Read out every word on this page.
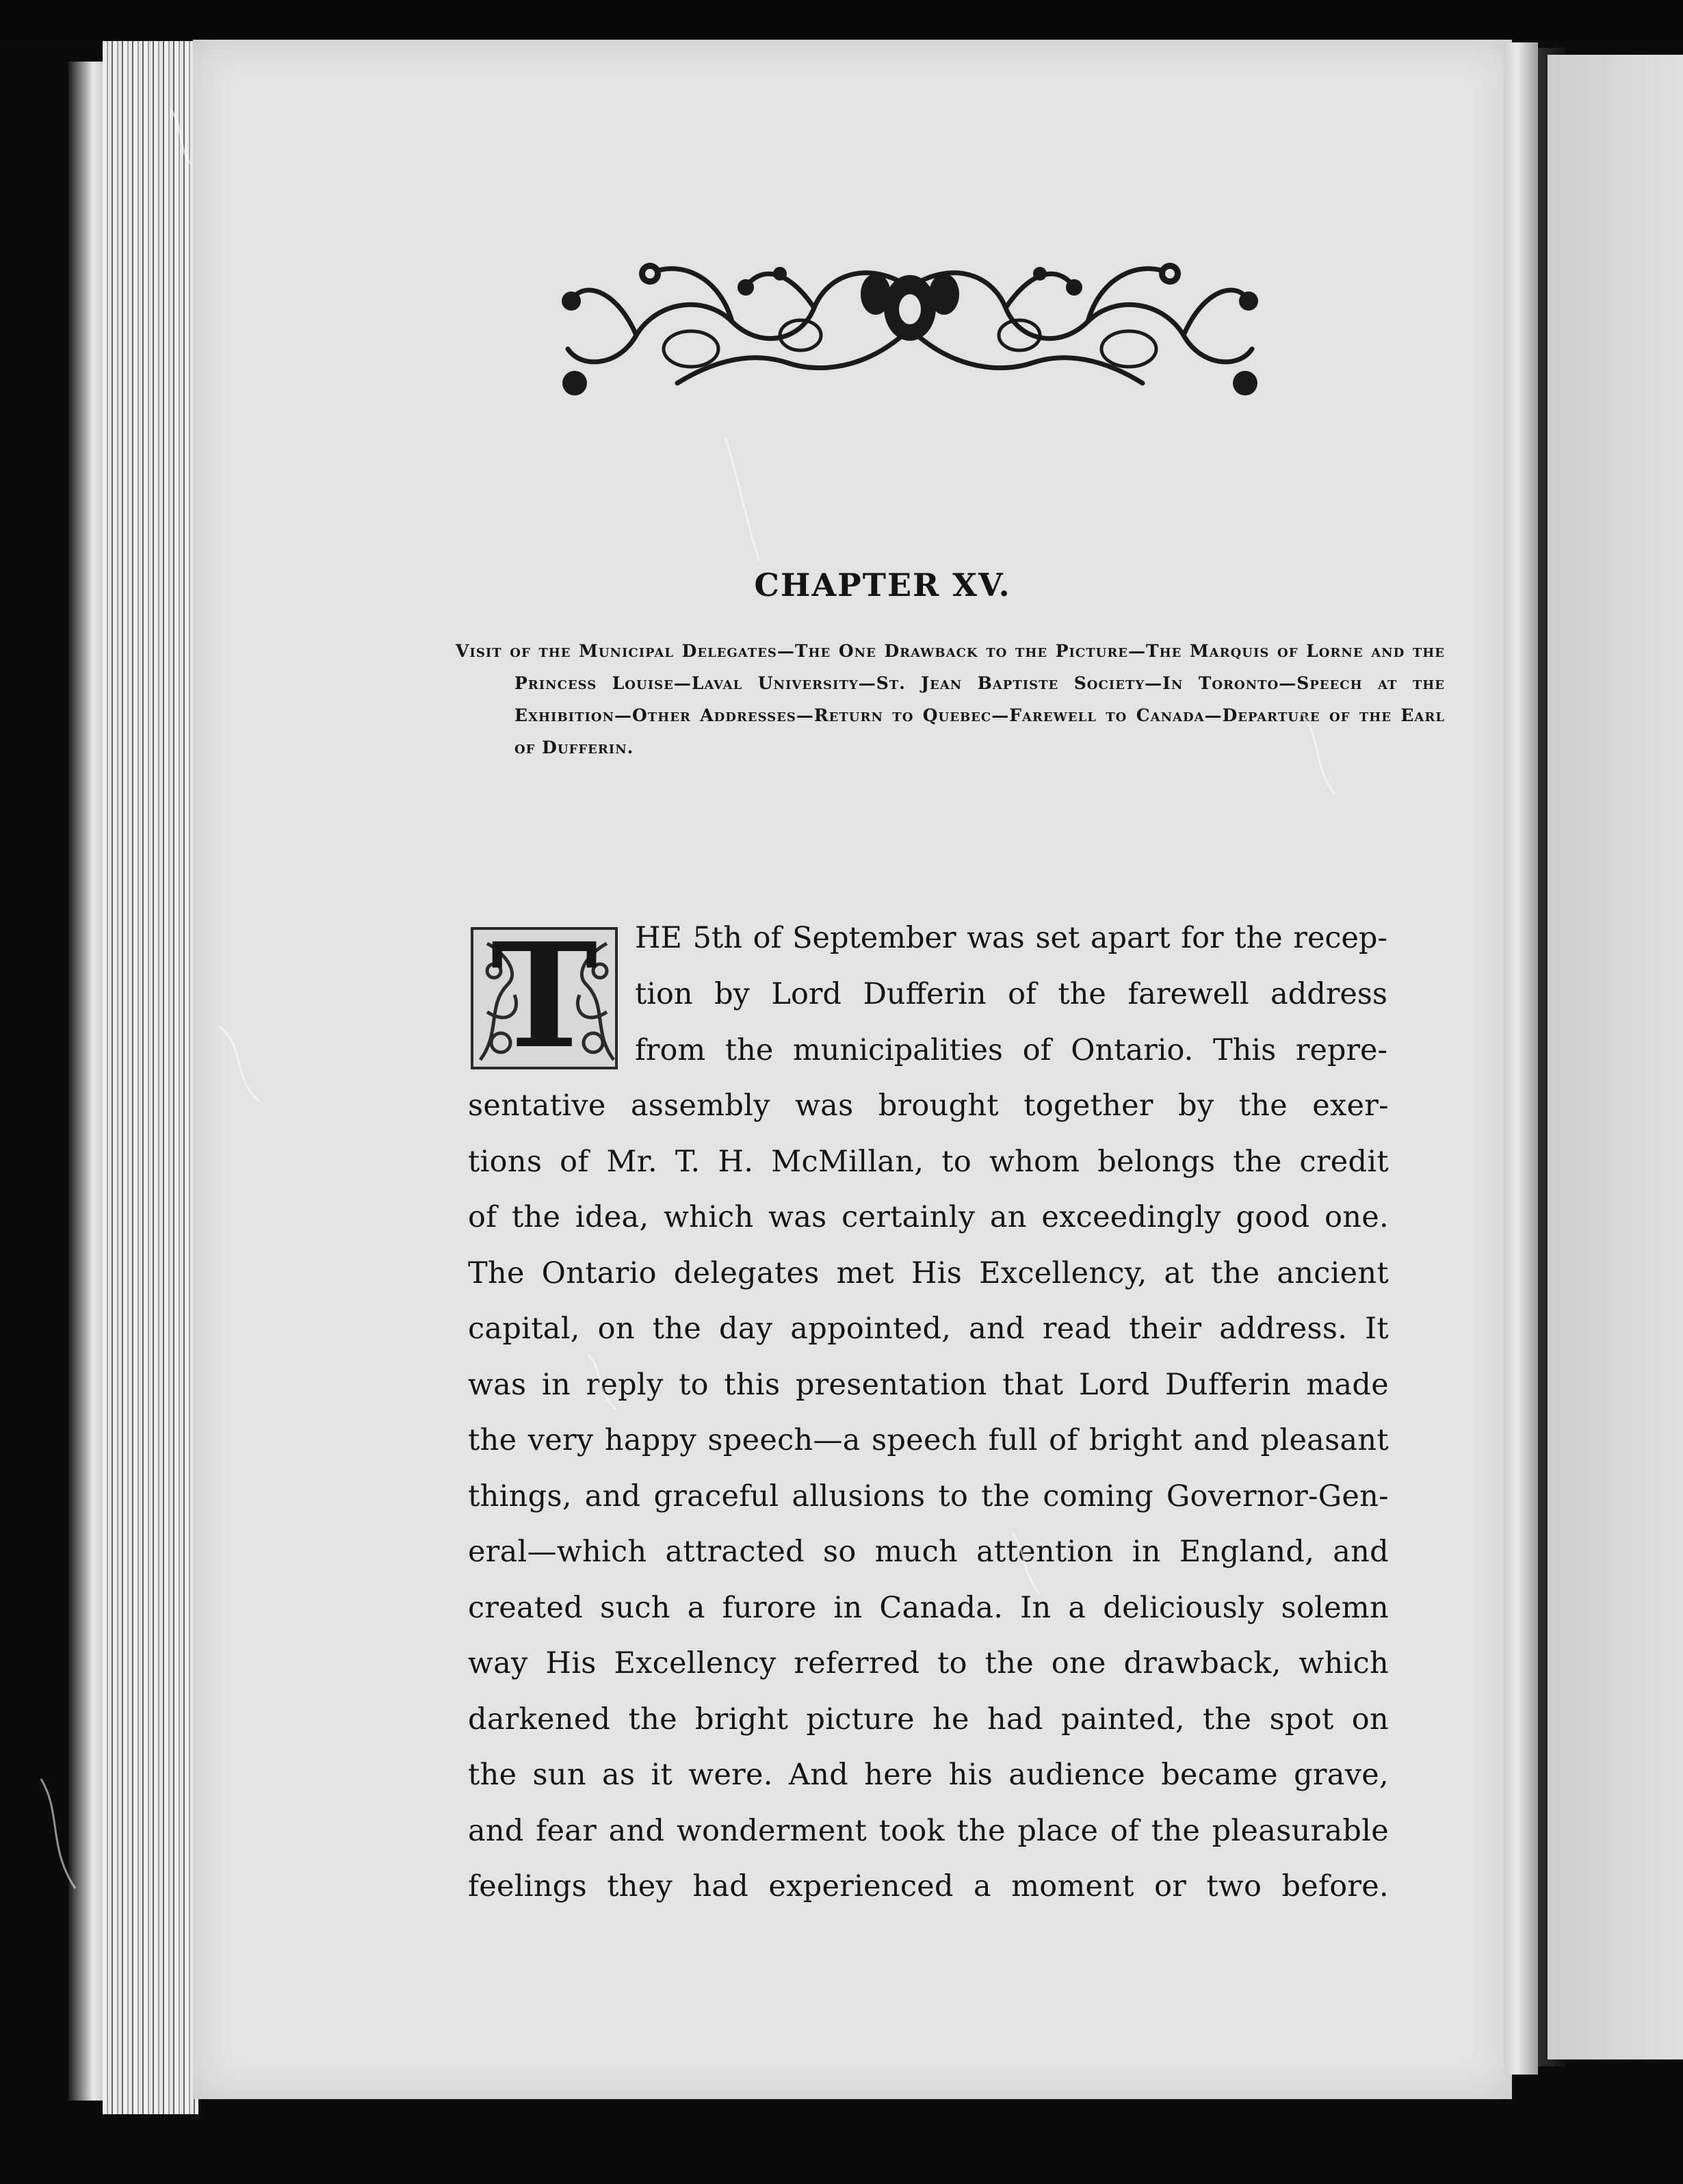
CHAPTER XV.

Visit of the Municipal Delegates—The One Drawback to the Picture—The Marquis of Lorne and the Princess Louise—Laval University—St. Jean Baptiste Society—In Toronto—Speech at the Exhibition—Other Addresses—Return to Quebec—Farewell to Canada—Departure of the Earl of Dufferin.

T	HE 5th of September was set apart for the recep-
tion by Lord Dufferin of the farewell address
from the municipalities of Ontario. This repre-

sentative assembly was brought together by the exer-
tions of Mr. T. H. McMillan, to whom belongs the credit
of the idea, which was certainly an exceedingly good one.
The Ontario delegates met His Excellency, at the ancient
capital, on the day appointed, and read their address. It
was in reply to this presentation that Lord Dufferin made
the very happy speech—a speech full of bright and pleasant
things, and graceful allusions to the coming Governor-Gen-
eral—which attracted so much attention in England, and
created such a furore in Canada. In a deliciously solemn
way His Excellency referred to the one drawback, which
darkened the bright picture he had painted, the spot on
the sun as it were. And here his audience became grave,
and fear and wonderment took the place of the pleasurable
feelings they had experienced a moment or two before.
